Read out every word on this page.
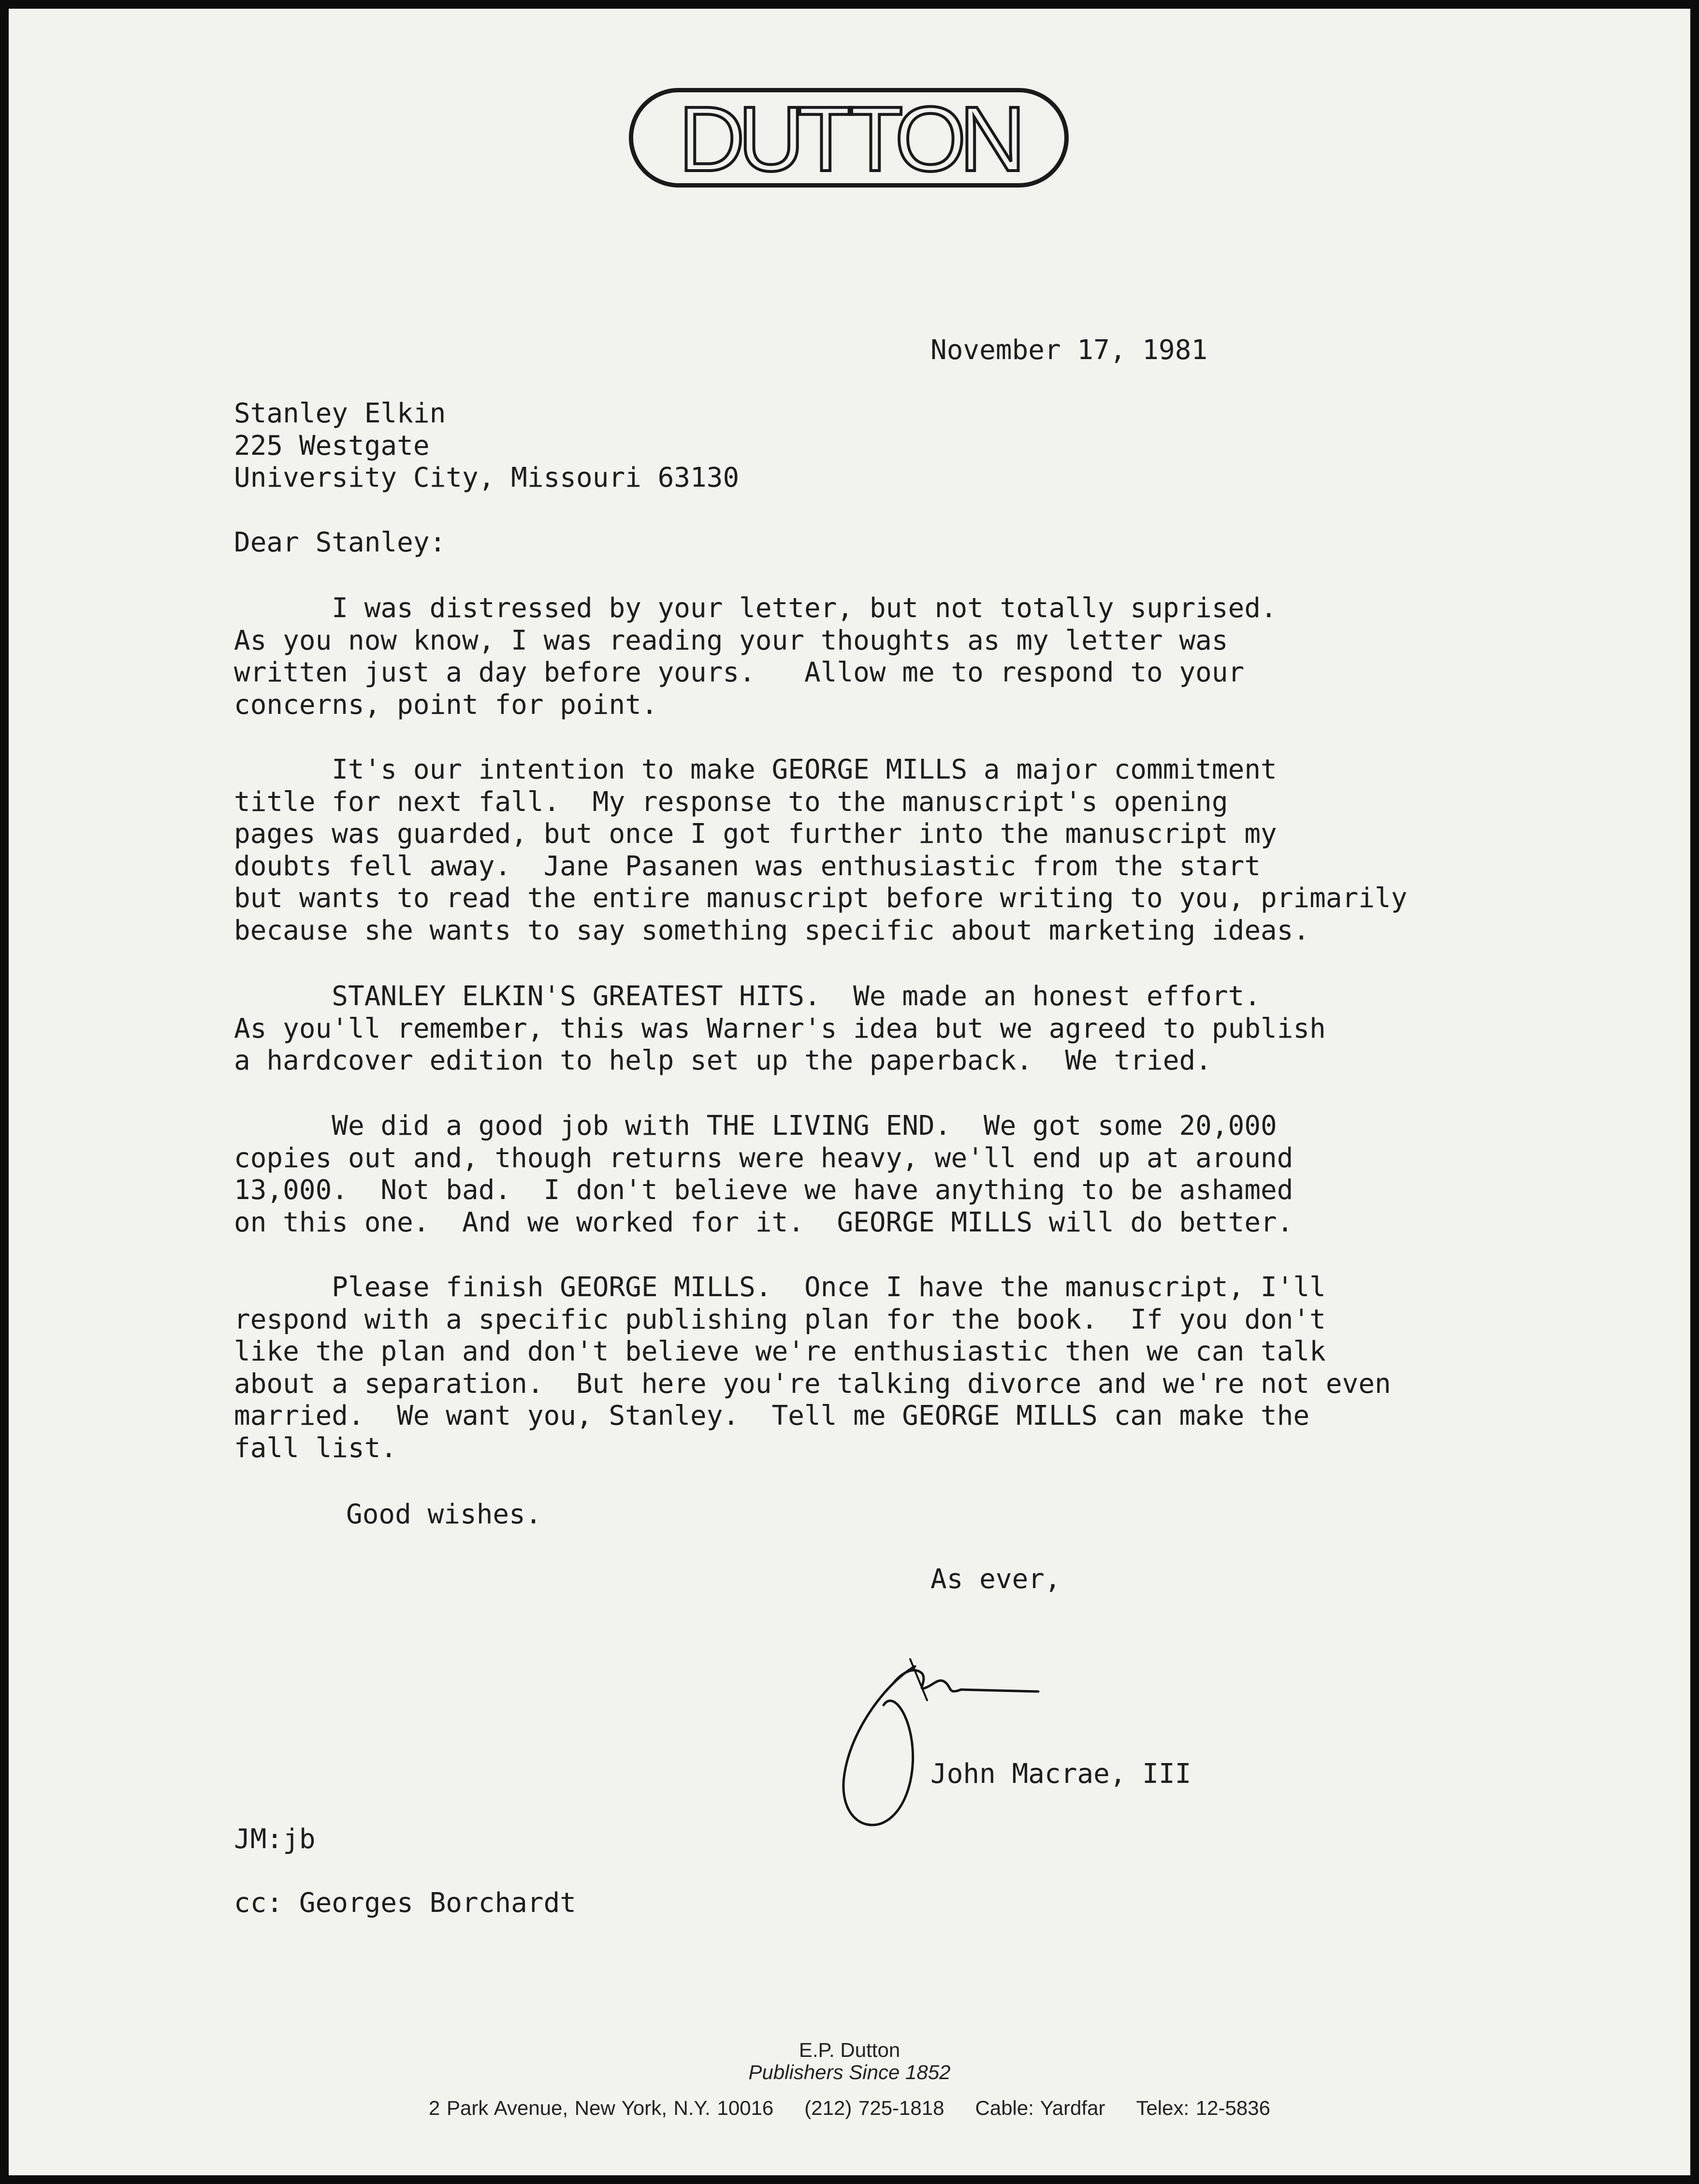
DUTTON
November 17, 1981
Stanley Elkin
225 Westgate
University City, Missouri 63130
Dear Stanley:
I was distressed by your letter, but not totally suprised.
As you now know, I was reading your thoughts as my letter was
written just a day before yours.   Allow me to respond to your
concerns, point for point.
It's our intention to make GEORGE MILLS a major commitment
title for next fall.  My response to the manuscript's opening
pages was guarded, but once I got further into the manuscript my
doubts fell away.  Jane Pasanen was enthusiastic from the start
but wants to read the entire manuscript before writing to you, primarily
because she wants to say something specific about marketing ideas.
STANLEY ELKIN'S GREATEST HITS.  We made an honest effort.
As you'll remember, this was Warner's idea but we agreed to publish
a hardcover edition to help set up the paperback.  We tried.
We did a good job with THE LIVING END.  We got some 20,000
copies out and, though returns were heavy, we'll end up at around
13,000.  Not bad.  I don't believe we have anything to be ashamed
on this one.  And we worked for it.  GEORGE MILLS will do better.
Please finish GEORGE MILLS.  Once I have the manuscript, I'll
respond with a specific publishing plan for the book.  If you don't
like the plan and don't believe we're enthusiastic then we can talk
about a separation.  But here you're talking divorce and we're not even
married.  We want you, Stanley.  Tell me GEORGE MILLS can make the
fall list.
Good wishes.
As ever,
John Macrae, III
JM:jb
cc: Georges Borchardt
E.P. Dutton
Publishers Since 1852
2 Park Avenue, New York, N.Y. 10016 (212) 725-1818 Cable: Yardfar Telex: 12-5836
